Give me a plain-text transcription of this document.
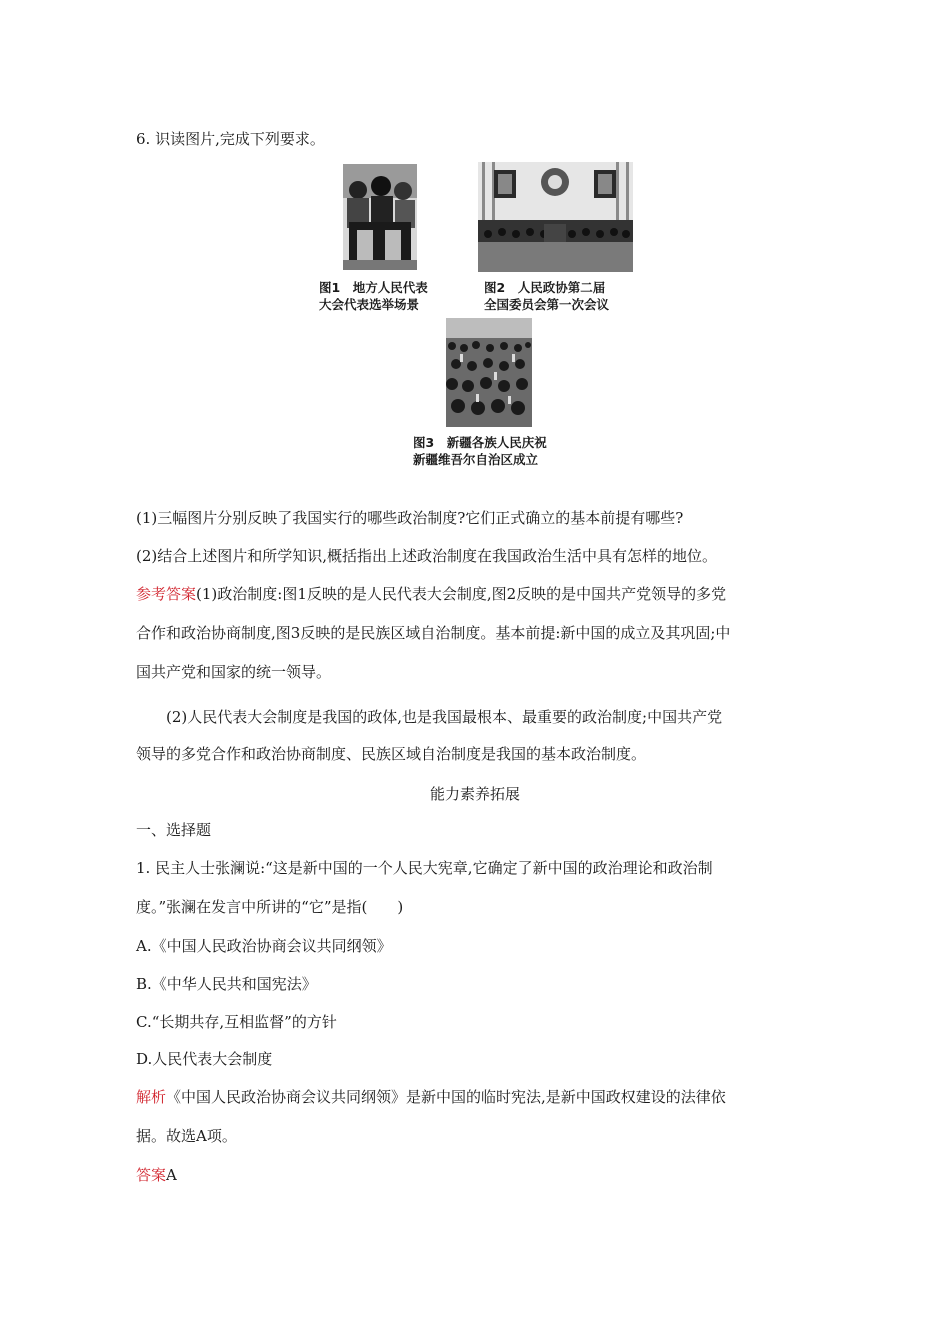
6. 识读图片,完成下列要求。
图1　地方人民代表
大会代表选举场景
图2　人民政协第二届
全国委员会第一次会议
图3　新疆各族人民庆祝
新疆维吾尔自治区成立
(1)三幅图片分别反映了我国实行的哪些政治制度?它们正式确立的基本前提有哪些?
(2)结合上述图片和所学知识,概括指出上述政治制度在我国政治生活中具有怎样的地位。
参考答案(1)政治制度:图1反映的是人民代表大会制度,图2反映的是中国共产党领导的多党
合作和政治协商制度,图3反映的是民族区域自治制度。基本前提:新中国的成立及其巩固;中
国共产党和国家的统一领导。
(2)人民代表大会制度是我国的政体,也是我国最根本、最重要的政治制度;中国共产党
领导的多党合作和政治协商制度、民族区域自治制度是我国的基本政治制度。
能力素养拓展
一、选择题
1. 民主人士张澜说:“这是新中国的一个人民大宪章,它确定了新中国的政治理论和政治制
度。”张澜在发言中所讲的“它”是指(　　)
A.《中国人民政治协商会议共同纲领》
B.《中华人民共和国宪法》
C.“长期共存,互相监督”的方针
D.人民代表大会制度
解析《中国人民政治协商会议共同纲领》是新中国的临时宪法,是新中国政权建设的法律依
据。故选A项。
答案A
